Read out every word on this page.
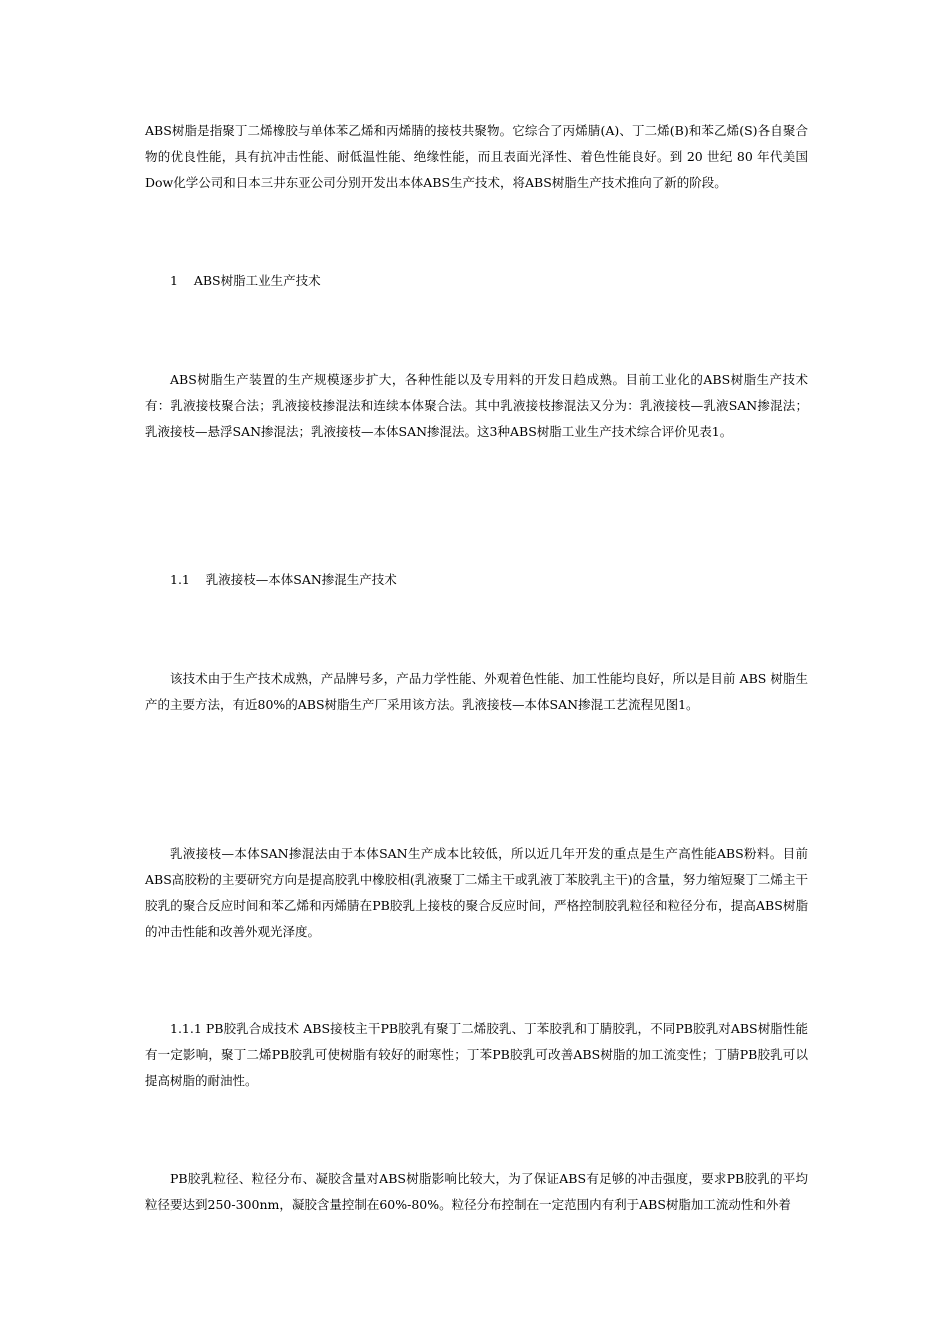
ABS树脂是指聚丁二烯橡胶与单体苯乙烯和丙烯腈的接枝共聚物。它综合了丙烯腈(A)、丁二烯(B)和苯乙烯(S)各自聚合物的优良性能，具有抗冲击性能、耐低温性能、绝缘性能，而且表面光泽性、着色性能良好。到 20 世纪 80 年代美国Dow化学公司和日本三井东亚公司分别开发出本体ABS生产技术，将ABS树脂生产技术推向了新的阶段。

1    ABS树脂工业生产技术

ABS树脂生产装置的生产规模逐步扩大，各种性能以及专用料的开发日趋成熟。目前工业化的ABS树脂生产技术有：乳液接枝聚合法；乳液接枝掺混法和连续本体聚合法。其中乳液接枝掺混法又分为：乳液接枝—乳液SAN掺混法；乳液接枝—悬浮SAN掺混法；乳液接枝—本体SAN掺混法。这3种ABS树脂工业生产技术综合评价见表1。

1.1    乳液接枝—本体SAN掺混生产技术

该技术由于生产技术成熟，产品牌号多，产品力学性能、外观着色性能、加工性能均良好，所以是目前 ABS 树脂生产的主要方法，有近80%的ABS树脂生产厂采用该方法。乳液接枝—本体SAN掺混工艺流程见图1。

乳液接枝—本体SAN掺混法由于本体SAN生产成本比较低，所以近几年开发的重点是生产高性能ABS粉料。目前ABS高胶粉的主要研究方向是提高胶乳中橡胶相(乳液聚丁二烯主干或乳液丁苯胶乳主干)的含量，努力缩短聚丁二烯主干胶乳的聚合反应时间和苯乙烯和丙烯腈在PB胶乳上接枝的聚合反应时间，严格控制胶乳粒径和粒径分布，提高ABS树脂的冲击性能和改善外观光泽度。

1.1.1 PB胶乳合成技术 ABS接枝主干PB胶乳有聚丁二烯胶乳、丁苯胶乳和丁腈胶乳，不同PB胶乳对ABS树脂性能有一定影响，聚丁二烯PB胶乳可使树脂有较好的耐寒性；丁苯PB胶乳可改善ABS树脂的加工流变性；丁腈PB胶乳可以提高树脂的耐油性。

PB胶乳粒径、粒径分布、凝胶含量对ABS树脂影响比较大，为了保证ABS有足够的冲击强度，要求PB胶乳的平均粒径要达到250-300nm，凝胶含量控制在60%-80%。粒径分布控制在一定范围内有利于ABS树脂加工流动性和外着
